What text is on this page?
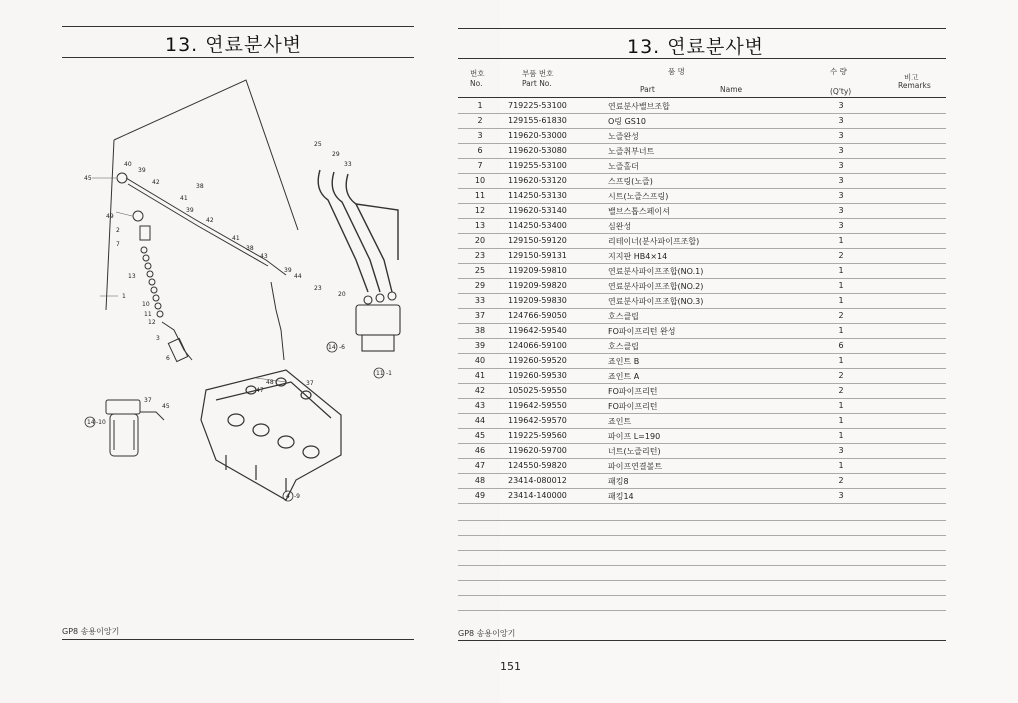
13. 연료분사변
45
40
39
42
38
41
49
2
7
13
1
10
11
12
3
6
25
29
33
39
42
41
38
43
37
20
23
39
44
48
47
37
45
14 -10
4 -9
11 -1
14 -6
GP8 송용이앙기
13. 연료분사변
번호
No.
부품 번호
Part No.
품 명
Part	Name
수 량
(Q'ty)
비고
Remarks
1	719225-53100	연료분사밸브조합	3
2	129155-61830	O링 GS10	3
3	119620-53000	노즐완성	3
6	119620-53080	노즐취부너트	3
7	119255-53100	노즐홀더	3
10	119620-53120	스프링(노즐)	3
11	114250-53130	시트(노즐스프링)	3
12	119620-53140	밸브스톱스페이셔	3
13	114250-53400	심완성	3
20	129150-59120	리테이너(분사파이프조합)	1
23	129150-59131	지지판 HB4×14	2
25	119209-59810	연료분사파이프조합(NO.1)	1
29	119209-59820	연료분사파이프조합(NO.2)	1
33	119209-59830	연료분사파이프조합(NO.3)	1
37	124766-59050	호스클립	2
38	119642-59540	FO파이프리턴 완성	1
39	124066-59100	호스클립	6
40	119260-59520	죠인트 B	1
41	119260-59530	죠인트 A	2
42	105025-59550	FO파이프리턴	2
43	119642-59550	FO파이프리턴	1
44	119642-59570	죠인트	1
45	119225-59560	파이프 L=190	1
46	119620-59700	너트(노즐리턴)	3
47	124550-59820	파이프연결볼트	1
48	23414-080012	패킹8	2
49	23414-140000	패킹14	3
GP8 송용이앙기
151
